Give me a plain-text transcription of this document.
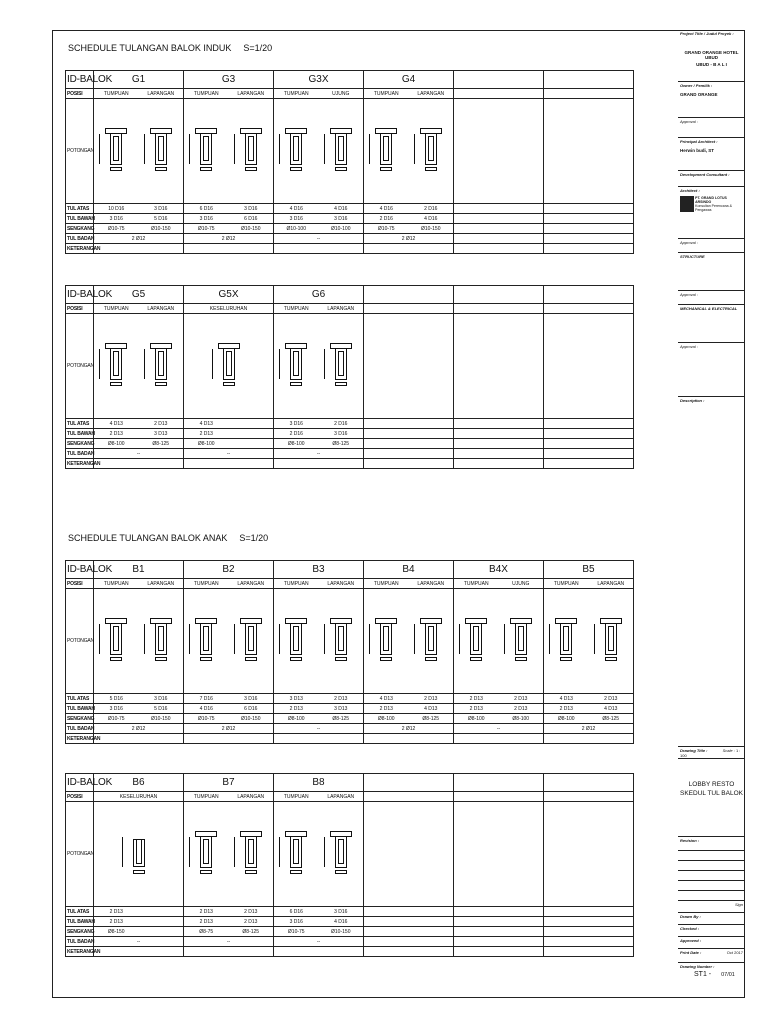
SCHEDULE TULANGAN BALOK INDUK S=1/20
ID-BALOK	G1	G3	G3X	G4		
POSISI	TUMPUAN LAPANGAN	TUMPUAN LAPANGAN	TUMPUAN UJUNG	TUMPUAN LAPANGAN		

POTONGAN	

TUL ATAS	10 D16 3 D16	6 D16 3 D16	4 D16 4 D16	4 D16 2 D16		

TUL BAWAH	3 D16 5 D16	3 D16 6 D16	3 D16 3 D16	2 D16 4 D16		

SENGKANG	Ø10-75 Ø10-150	Ø10-75 Ø10-150	Ø10-100 Ø10-100	Ø10-75 Ø10-150		

TUL BADAN	2 Ø12	2 Ø12	--	2 Ø12		
KETERANGAN						
ID-BALOK	G5	G5X	G6			
POSISI	TUMPUAN LAPANGAN	KESELURUHAN	TUMPUAN LAPANGAN			

POTONGAN	

TUL ATAS	4 D13 2 D13	4 D13	3 D16 2 D16			

TUL BAWAH	2 D13 3 D13	2 D13	2 D16 3 D16			

SENGKANG	Ø8-100 Ø8-125	Ø8-100	Ø8-100 Ø8-125			

TUL BADAN	--	--	--			
KETERANGAN						
SCHEDULE TULANGAN BALOK ANAK S=1/20
ID-BALOK	B1	B2	B3	B4	B4X	B5
POSISI	TUMPUAN LAPANGAN	TUMPUAN LAPANGAN	TUMPUAN LAPANGAN	TUMPUAN LAPANGAN	TUMPUAN UJUNG	TUMPUAN LAPANGAN

POTONGAN	

TUL ATAS	5 D16 3 D16	7 D16 3 D16	3 D13 2 D13	4 D13 2 D13	2 D13 2 D13	4 D13 2 D13

TUL BAWAH	3 D16 5 D16	4 D16 6 D16	2 D13 3 D13	2 D13 4 D13	2 D13 2 D13	2 D13 4 D13

SENGKANG	Ø10-75 Ø10-150	Ø10-75 Ø10-150	Ø8-100 Ø8-125	Ø8-100 Ø8-125	Ø8-100 Ø8-100	Ø8-100 Ø8-125

TUL BADAN	2 Ø12	2 Ø12	--	2 Ø12	--	2 Ø12
KETERANGAN						
ID-BALOK	B6	B7	B8			
POSISI	KESELURUHAN	TUMPUAN LAPANGAN	TUMPUAN LAPANGAN			

POTONGAN	

TUL ATAS	2 D13	2 D13 2 D13	6 D16 3 D16			

TUL BAWAH	2 D13	2 D13 2 D13	3 D16 4 D16			

SENGKANG	Ø8-150	Ø8-75 Ø8-125	Ø10-75 Ø10-150			

TUL BADAN	--	--	--			
KETERANGAN						
Project Title / Judul Proyek :
GRAND ORANGE HOTEL UBUD
UBUD - B A L I
Owner / Pemilik :
GRAND ORANGE
Approval :
Principal Architect :
Herwin budi, ST
Development Consultant :
Architect :
PT. GRAND LOTUS ARSINDO
Konsultan Perencana & Pengawas
Approval :
STRUCTURE
Approval :
MECHANICAL & ELECTRICAL
Approval :
Description :
Drawing Title :	Scale : 1 : 100
LOBBY RESTO
SKEDUL TUL BALOK
Revision :
Sign
Drawn By :
Checked :
Approved :
Print Date :	Oct 2017
Drawing Number :
ST1 - 07/01
